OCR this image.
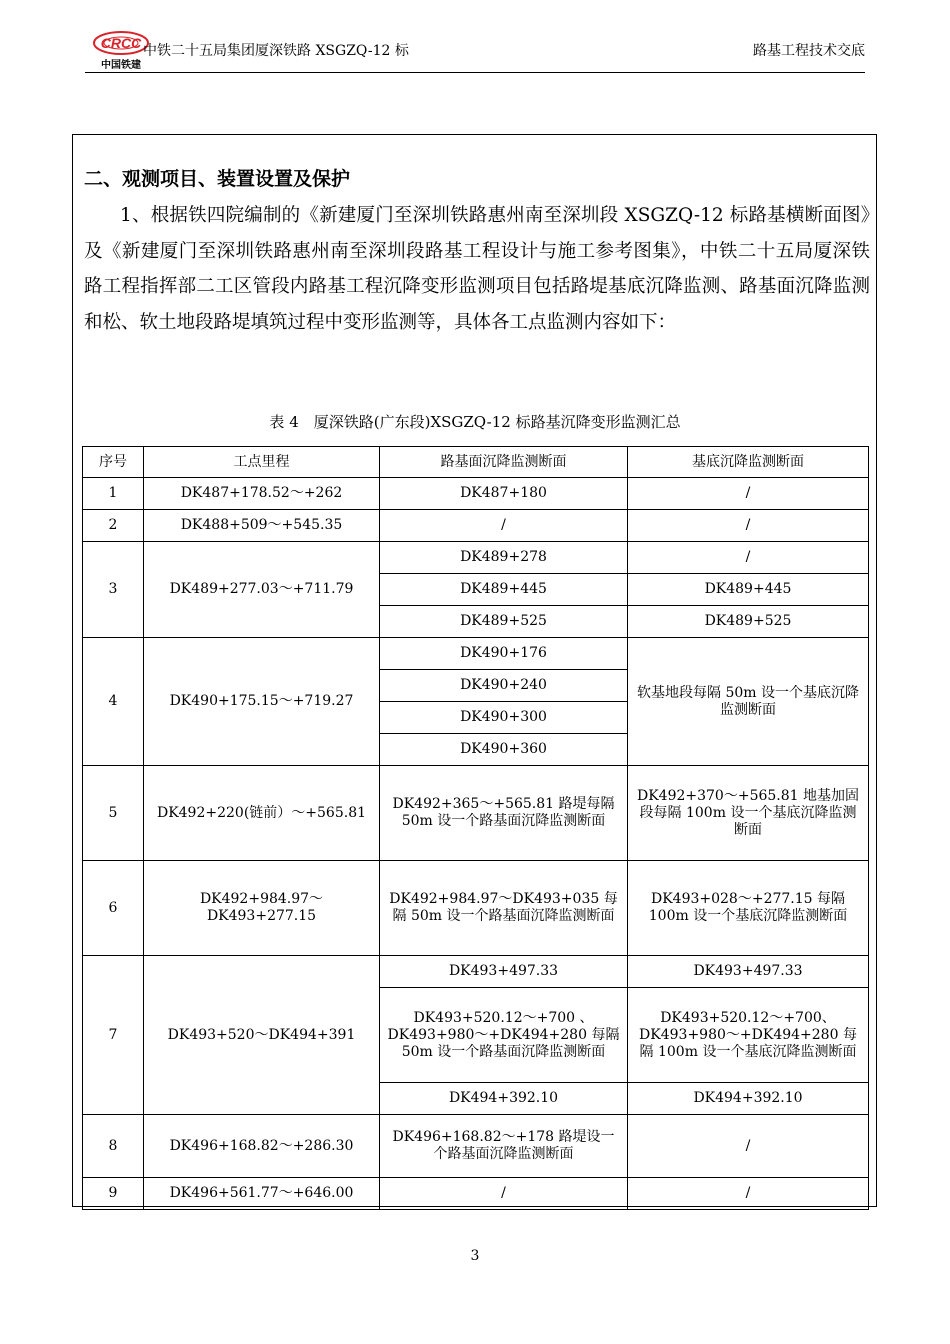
CRCC
中国铁建
中铁二十五局集团厦深铁路 XSGZQ-12 标	路基工程技术交底
二、观测项目、装置设置及保护
1、根据铁四院编制的《新建厦门至深圳铁路惠州南至深圳段 XSGZQ-12 标路基横断面图》及《新建厦门至深圳铁路惠州南至深圳段路基工程设计与施工参考图集》，中铁二十五局厦深铁路工程指挥部二工区管段内路基工程沉降变形监测项目包括路堤基底沉降监测、路基面沉降监测和松、软土地段路堤填筑过程中变形监测等，具体各工点监测内容如下：
表 4　厦深铁路(广东段)XSGZQ-12 标路基沉降变形监测汇总
序号	工点里程	路基面沉降监测断面	基底沉降监测断面
1	DK487+178.52～+262	DK487+180	/
2	DK488+509～+545.35	/	/
3	DK489+277.03～+711.79	DK489+278	/
		DK489+445	DK489+445
		DK489+525	DK489+525
4	DK490+175.15～+719.27	DK490+176	软基地段每隔 50m 设一个基底沉降监测断面
		DK490+240	
		DK490+300	
		DK490+360	
5	DK492+220(链前）～+565.81	DK492+365～+565.81 路堤每隔 50m 设一个路基面沉降监测断面	DK492+370～+565.81 地基加固段每隔 100m 设一个基底沉降监测断面
6	DK492+984.97～DK493+277.15	DK492+984.97～DK493+035 每隔 50m 设一个路基面沉降监测断面	DK493+028～+277.15 每隔 100m 设一个基底沉降监测断面
7	DK493+520～DK494+391	DK493+497.33	DK493+497.33
		DK493+520.12～+700 、DK493+980～+DK494+280 每隔 50m 设一个路基面沉降监测断面	DK493+520.12～+700、DK493+980～+DK494+280 每隔 100m 设一个基底沉降监测断面
		DK494+392.10	DK494+392.10
8	DK496+168.82～+286.30	DK496+168.82～+178 路堤设一个路基面沉降监测断面	/
9	DK496+561.77～+646.00	/	/
3
